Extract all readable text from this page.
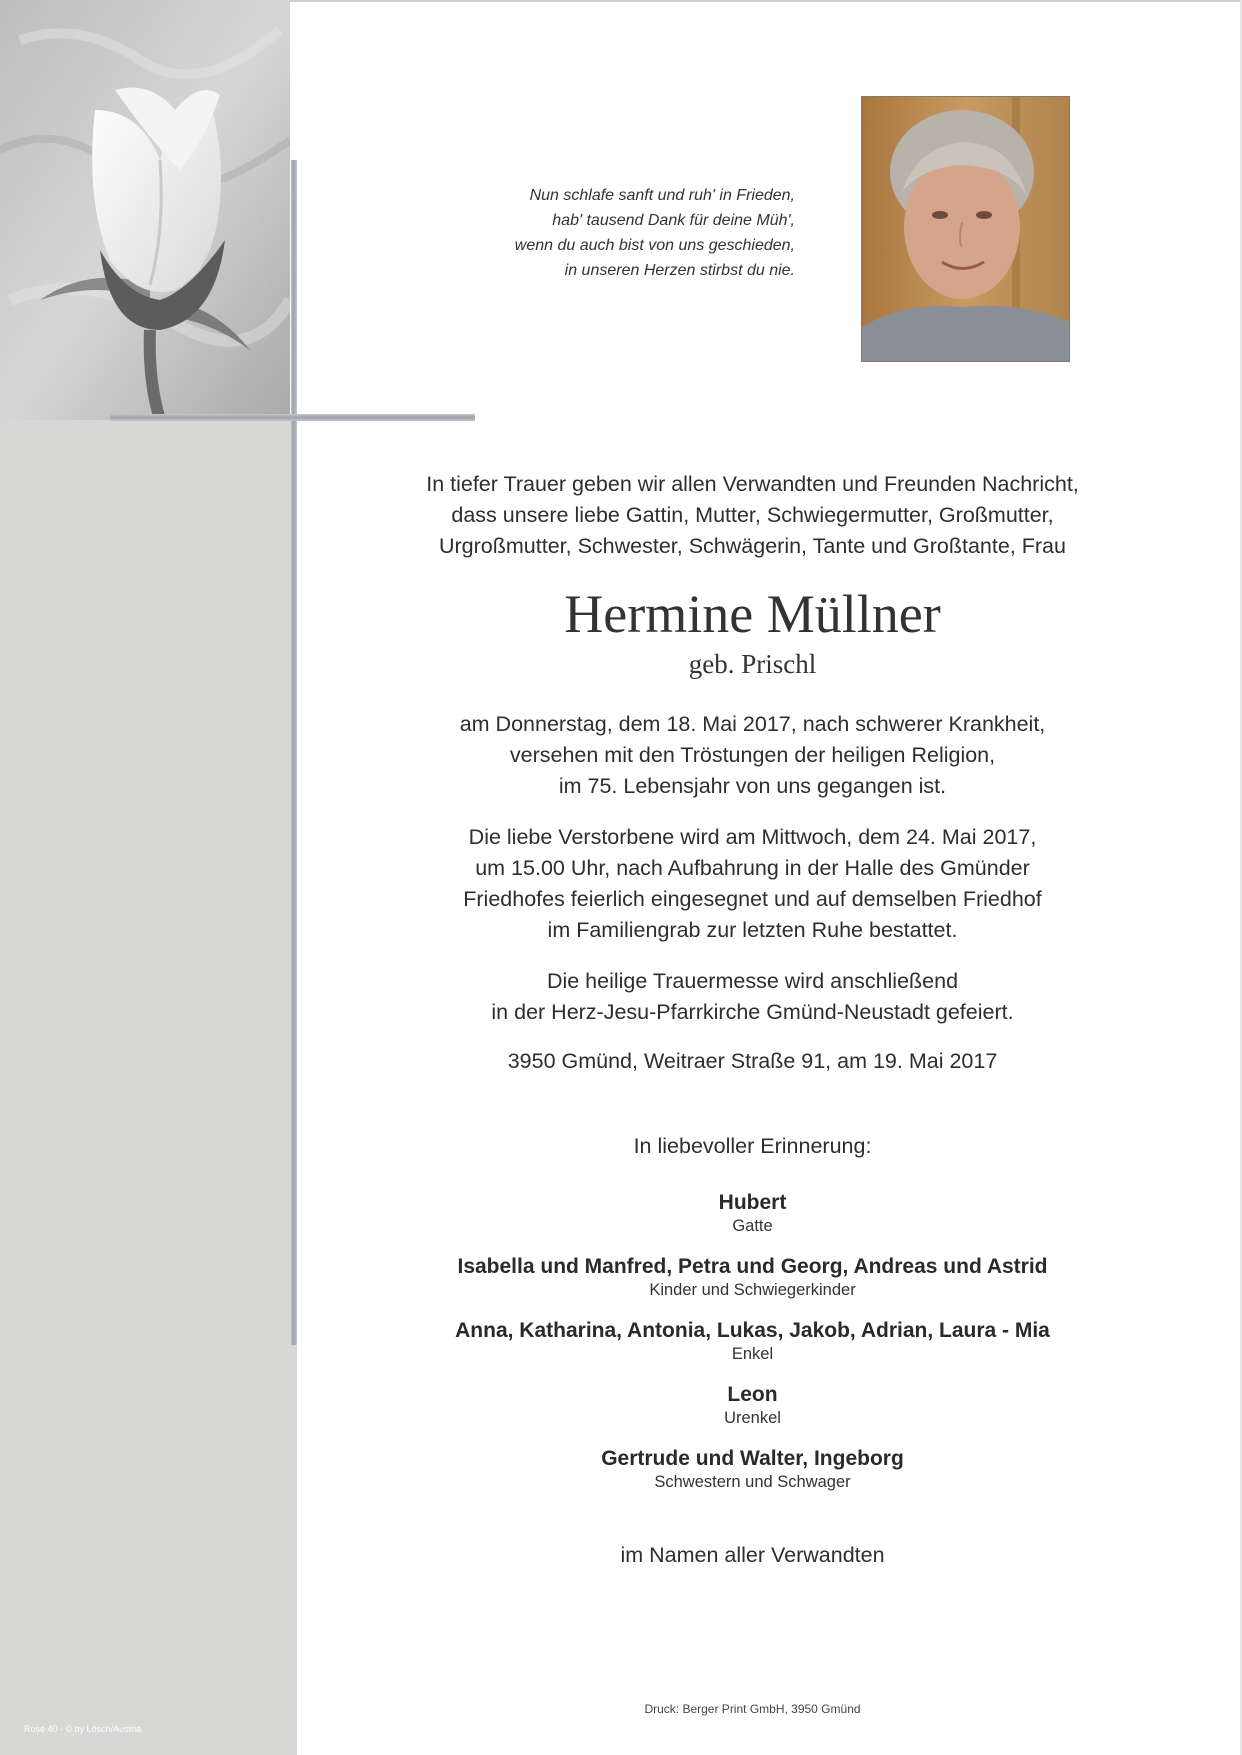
Rose 40 - © by Lösch/Austria
Nun schlafe sanft und ruh' in Frieden,
hab' tausend Dank für deine Müh',
wenn du auch bist von uns geschieden,
in unseren Herzen stirbst du nie.
In tiefer Trauer geben wir allen Verwandten und Freunden Nachricht,
dass unsere liebe Gattin, Mutter, Schwiegermutter, Großmutter,
Urgroßmutter, Schwester, Schwägerin, Tante und Großtante, Frau
Hermine Müllner
geb. Prischl
am Donnerstag, dem 18. Mai 2017, nach schwerer Krankheit,
versehen mit den Tröstungen der heiligen Religion,
im 75. Lebensjahr von uns gegangen ist.
Die liebe Verstorbene wird am Mittwoch, dem 24. Mai 2017,
um 15.00 Uhr, nach Aufbahrung in der Halle des Gmünder
Friedhofes feierlich eingesegnet und auf demselben Friedhof
im Familiengrab zur letzten Ruhe bestattet.
Die heilige Trauermesse wird anschließend
in der Herz-Jesu-Pfarrkirche Gmünd-Neustadt gefeiert.
3950 Gmünd, Weitraer Straße 91, am 19. Mai 2017
In liebevoller Erinnerung:
Hubert
Gatte
Isabella und Manfred, Petra und Georg, Andreas und Astrid
Kinder und Schwiegerkinder
Anna, Katharina, Antonia, Lukas, Jakob, Adrian, Laura - Mia
Enkel
Leon
Urenkel
Gertrude und Walter, Ingeborg
Schwestern und Schwager
im Namen aller Verwandten
Druck: Berger Print GmbH, 3950 Gmünd
